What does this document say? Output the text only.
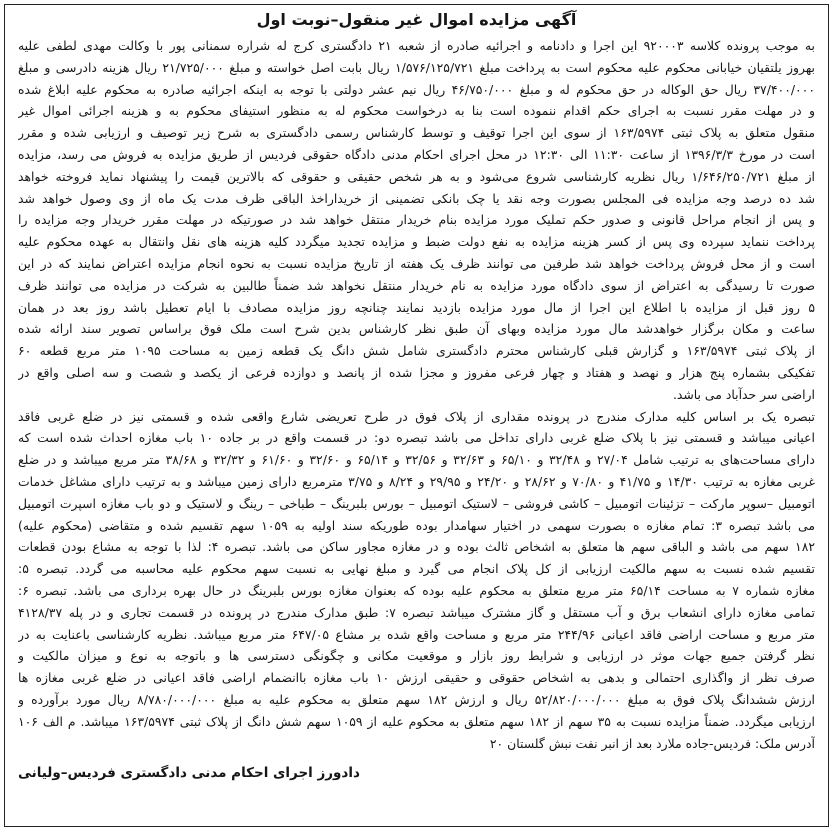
آگهی مزایده اموال غیر منقول–نوبت اول
به موجب پرونده کلاسه ۹۲۰۰۰۳ این اجرا و دادنامه و اجرائیه صادره از شعبه ۲۱ دادگستری کرج له شراره سمنانی پور با وکالت مهدی لطفی علیه
بهروز یلتقیان خیابانی محکوم علیه محکوم است به پرداخت مبلغ ۱/۵۷۶/۱۲۵/۷۲۱ ریال بابت اصل خواسته و مبلغ ۲۱/۷۲۵/۰۰۰ ریال هزینه دادرسی و مبلغ
۳۷/۴۰۰/۰۰۰ ریال حق الوکاله در حق محکوم له و مبلغ ۴۶/۷۵۰/۰۰۰ ریال نیم عشر دولتی با توجه به اینکه اجرائیه صادره به محکوم علیه ابلاغ شده
و در مهلت مقرر نسبت به اجرای حکم اقدام ننموده است بنا به درخواست محکوم له به منظور استیفای محکوم به و هزینه اجرائی اموال غیر
منقول متعلق به پلاک ثبتی ۱۶۳/۵۹۷۴ از سوی این اجرا توقیف و توسط کارشناس رسمی دادگستری به شرح زیر توصیف و ارزیابی شده و مقرر
است در مورخ ۱۳۹۶/۳/۳ از ساعت ۱۱:۳۰ الی ۱۲:۳۰ در محل اجرای احکام مدنی دادگاه حقوقی فردیس از طریق مزایده به فروش می رسد، مزایده
از مبلغ ۱/۶۴۶/۲۵۰/۷۲۱ ریال نظریه کارشناسی شروع می‌شود و به هر شخص حقیقی و حقوقی که بالاترین قیمت را پیشنهاد نماید فروخته خواهد
شد ده درصد وجه مزایده فی المجلس بصورت وجه نقد یا چک بانکی تضمینی از خریداراخذ الباقی ظرف مدت یک ماه از وی وصول خواهد شد
و پس از انجام مراحل قانونی و صدور حکم تملیک مورد مزایده بنام خریدار منتقل خواهد شد در صورتیکه در مهلت مقرر خریدار وجه مزایده را
پرداخت ننماید سپرده وی پس از کسر هزینه مزایده به نفع دولت ضبط و مزایده تجدید میگردد کلیه هزینه های نقل وانتقال به عهده محکوم علیه
است و از محل فروش پرداخت خواهد شد طرفین می توانند ظرف یک هفته از تاریخ مزایده نسبت به نحوه انجام مزایده اعتراض نمایند که در این
صورت تا رسیدگی به اعتراض از سوی دادگاه مورد مزایده به نام خریدار منتقل نخواهد شد ضمناً طالبین به شرکت در مزایده می توانند ظرف
۵ روز قبل از مزایده با اطلاع این اجرا از مال مورد مزایده بازدید نمایند چنانچه روز مزایده مصادف با ایام تعطیل باشد روز بعد در همان
ساعت و مکان برگزار خواهدشد مال مورد مزایده وبهای آن طبق نظر کارشناس بدین شرح است ملک فوق براساس تصویر سند ارائه شده
از پلاک ثبتی ۱۶۳/۵۹۷۴ و گزارش قبلی کارشناس محترم دادگستری شامل شش دانگ یک قطعه زمین به مساحت ۱۰۹۵ متر مربع قطعه ۶۰
تفکیکی بشماره پنج هزار و نهصد و هفتاد و چهار فرعی مفروز و مجزا شده از پانصد و دوازده فرعی از یکصد و شصت و سه اصلی واقع در
اراضی سر حدآباد می باشد.
تبصره یک بر اساس کلیه مدارک مندرج در پرونده مقداری از پلاک فوق در طرح تعریضی شارع واقعی شده و قسمتی نیز در ضلع غربی فاقد
اعیانی میباشد و قسمتی نیز با پلاک ضلع غربی دارای تداخل می باشد تبصره دو: در قسمت واقع در بر جاده ۱۰ باب مغازه احداث شده است که
دارای مساحت‌های به ترتیب شامل ۲۷/۰۴ و ۳۲/۴۸ و ۶۵/۱۰ و ۳۲/۶۳ و ۳۲/۵۶ و ۶۵/۱۴ و ۳۲/۶۰ و ۶۱/۶۰ و ۳۲/۳۲ و ۳۸/۶۸ متر مربع میباشد و در ضلع
غربی مغازه به ترتیب ۱۴/۳۰ و ۴۱/۷۵ و ۷۰/۸۰ و ۲۸/۶۲ و ۲۴/۲۰ و ۲۹/۹۵ و ۸/۲۴ و ۳/۷۵ مترمربع دارای زمین میباشد و به ترتیب دارای مشاغل خدمات
اتومبیل –سوپر مارکت – تزئینات اتومبیل – کاشی فروشی – لاستیک اتومبیل – بورس بلبرینگ – طباخی – رینگ و لاستیک و دو باب مغازه اسپرت اتومبیل
می باشد تبصره ۳: تمام مغازه ه بصورت سهمی در اختیار سهامدار بوده طوریکه سند اولیه به ۱۰۵۹ سهم تقسیم شده و متقاضی (محکوم علیه)
۱۸۲ سهم می باشد و الباقی سهم ها متعلق به اشخاص ثالث بوده و در مغازه مجاور ساکن می باشد. تبصره ۴: لذا با توجه به مشاع بودن قطعات
تقسیم شده نسبت به سهم مالکیت ارزیابی از کل پلاک انجام می گیرد و مبلغ نهایی به نسبت سهم محکوم علیه محاسبه می گردد. تبصره ۵:
مغازه شماره ۷ به مساحت ۶۵/۱۴ متر مربع متعلق به محکوم علیه بوده که بعنوان مغازه بورس بلبرینگ در حال بهره برداری می باشد. تبصره ۶:
تمامی مغازه دارای انشعاب برق و آب مستقل و گاز مشترک میباشد تبصره ۷: طبق مدارک مندرج در پرونده در قسمت تجاری و در پله ۴۱۲۸/۳۷
متر مربع و مساحت اراضی فاقد اعیانی ۲۴۴/۹۶ متر مربع و مساحت واقع شده بر مشاع ۶۴۷/۰۵ متر مربع میباشد. نظریه کارشناسی باعنایت به در
نظر گرفتن جمیع جهات موثر در ارزیابی و شرایط روز بازار و موقعیت مکانی و چگونگی دسترسی ها و باتوجه به نوع و میزان مالکیت و
صرف نظر از واگذاری احتمالی و بدهی به اشخاص حقوقی و حقیقی ارزش ۱۰ باب مغازه باانضمام اراضی فاقد اعیانی در ضلع غربی مغازه ها
ارزش ششدانگ پلاک فوق به مبلغ ۵۲/۸۲۰/۰۰۰/۰۰۰ ریال و ارزش ۱۸۲ سهم متعلق به محکوم علیه به مبلغ ۸/۷۸۰/۰۰۰/۰۰۰ ریال مورد برآورده و
ارزیابی میگردد. ضمناً مزایده نسبت به ۳۵ سهم از ۱۸۲ سهم متعلق به محکوم علیه از ۱۰۵۹ سهم شش دانگ از پلاک ثبتی ۱۶۳/۵۹۷۴ میباشد. م الف ۱۰۶
آدرس ملک: فردیس-جاده ملارد بعد از انبر نفت نبش گلستان ۲۰
دادورز اجرای احکام مدنی دادگستری فردیس–ولیانی
